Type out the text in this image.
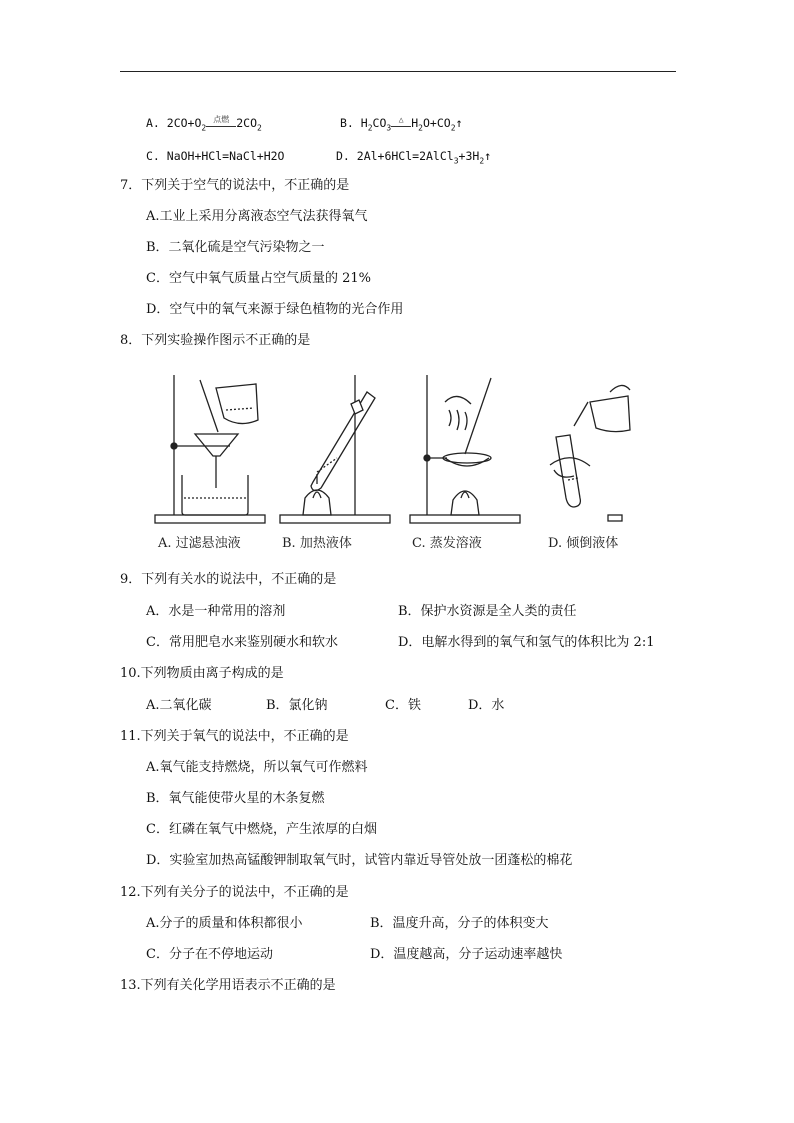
A. $2CO+O_2$
点燃 $2CO_2$	B. $H_2CO_3$
△ $H_2O+CO_2↑$
C. NaOH+HCl=NaCl+H2O	D. $2Al+6HCl=2AlCl_3+3H_2↑$
7．下列关于空气的说法中，不正确的是
A.工业上采用分离液态空气法获得氧气
B．二氧化硫是空气污染物之一
C．空气中氧气质量占空气质量的 21%
D．空气中的氧气来源于绿色植物的光合作用
8．下列实验操作图示不正确的是
A. 过滤悬浊液	B. 加热液体	C. 蒸发溶液	D. 倾倒液体
9．下列有关水的说法中，不正确的是
A．水是一种常用的溶剂	B．保护水资源是全人类的责任
C．常用肥皂水来鉴别硬水和软水	D．电解水得到的氧气和氢气的体积比为 2:1
10.下列物质由离子构成的是
A.二氧化碳	B．氯化钠	C．铁	D．水
11.下列关于氧气的说法中，不正确的是
A.氧气能支持燃烧，所以氧气可作燃料
B．氧气能使带火星的木条复燃
C．红磷在氧气中燃烧，产生浓厚的白烟
D．实验室加热高锰酸钾制取氧气时，试管内靠近导管处放一团蓬松的棉花
12.下列有关分子的说法中，不正确的是
A.分子的质量和体积都很小	B．温度升高，分子的体积变大
C．分子在不停地运动	D．温度越高，分子运动速率越快
13.下列有关化学用语表示不正确的是
